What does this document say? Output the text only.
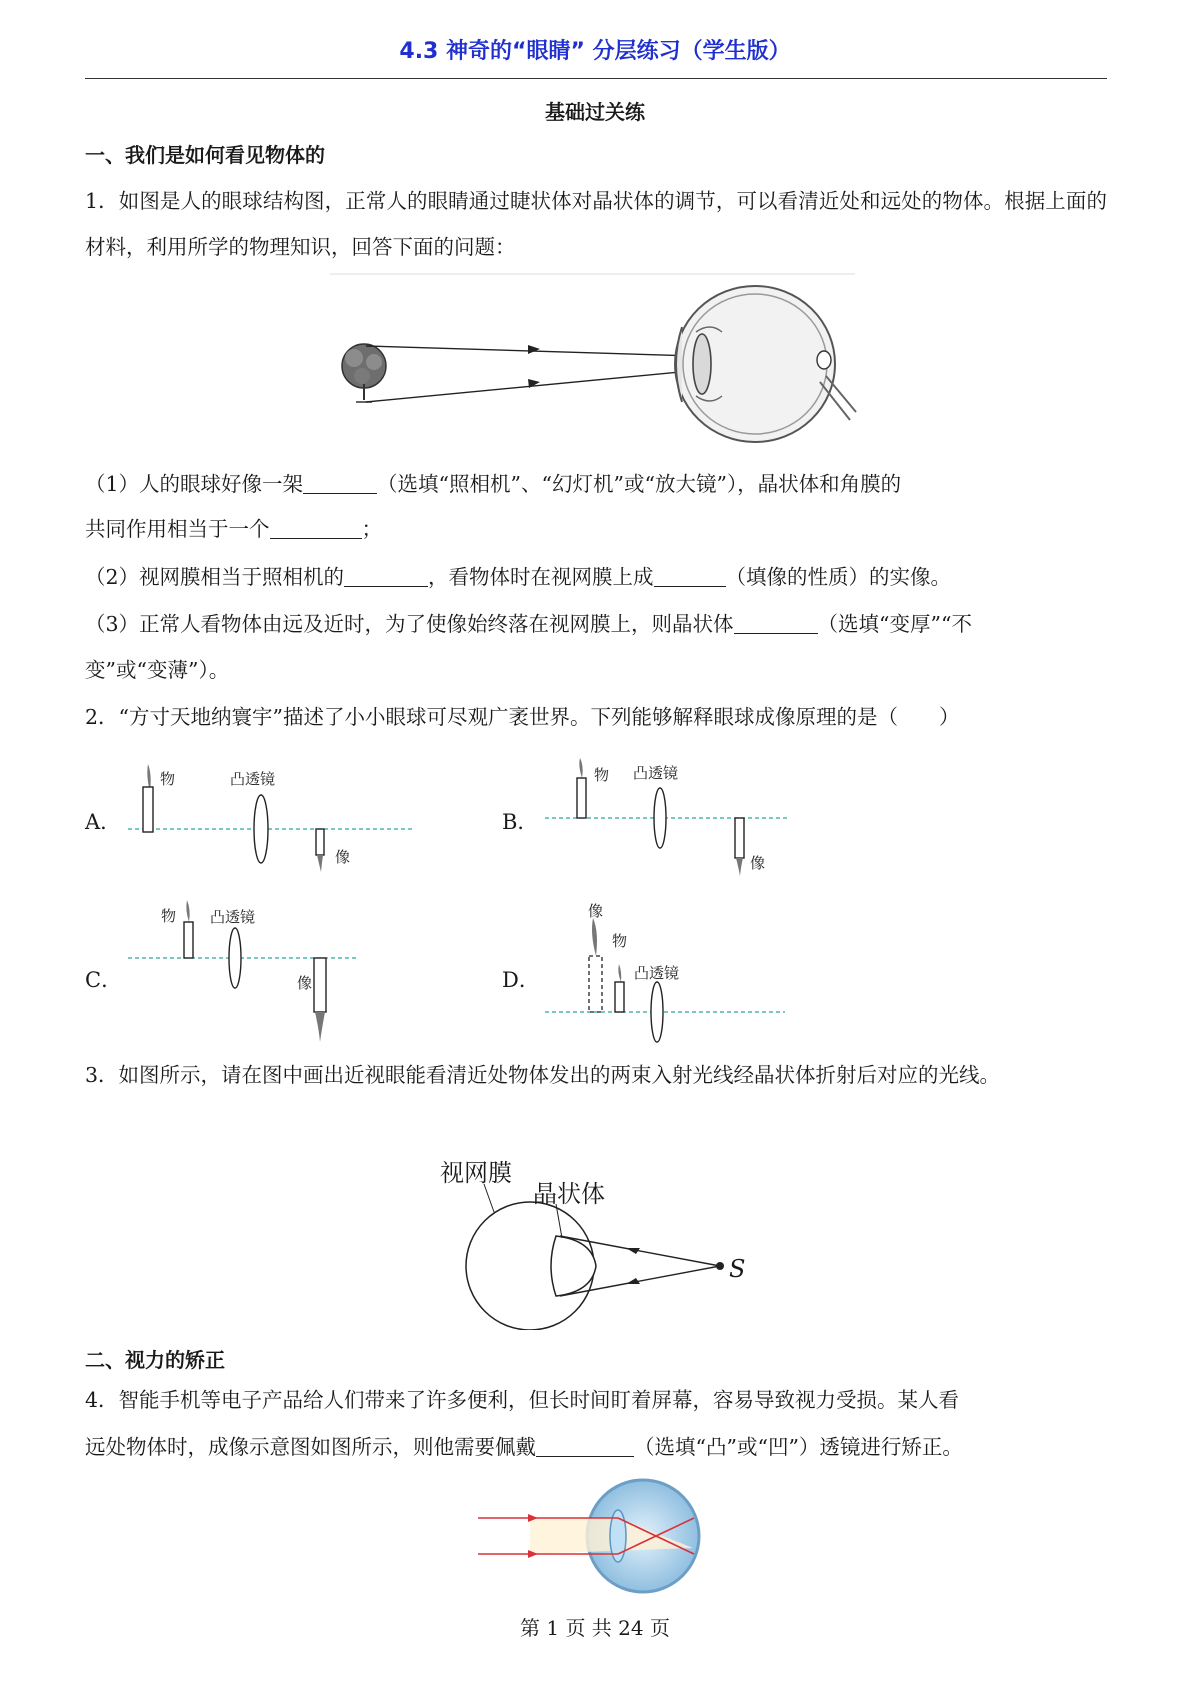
4.3 神奇的“眼睛” 分层练习（学生版）
基础过关练
一、我们是如何看见物体的
1．如图是人的眼球结构图，正常人的眼睛通过睫状体对晶状体的调节，可以看清近处和远处的物体。根据上面的材料，利用所学的物理知识，回答下面的问题：
（1）人的眼球好像一架	（选填“照相机”、“幻灯机”或“放大镜”），晶状体和角膜的
共同作用相当于一个	；
（2）视网膜相当于照相机的	，看物体时在视网膜上成	（填像的性质）的实像。
（3）正常人看物体由远及近时，为了使像始终落在视网膜上，则晶状体	（选填“变厚”“不
变”或“变薄”）。
2．“方寸天地纳寰宇”描述了小小眼球可尽观广袤世界。下列能够解释眼球成像原理的是（　　）
A．
物	凸透镜
像
B．
物 凸透镜
像
C．
物 凸透镜
像	D．
像
物
凸透镜
3．如图所示，请在图中画出近视眼能看清近处物体发出的两束入射光线经晶状体折射后对应的光线。
视网膜
晶状体
S
二、视力的矫正
4．智能手机等电子产品给人们带来了许多便利，但长时间盯着屏幕，容易导致视力受损。某人看
远处物体时，成像示意图如图所示，则他需要佩戴	（选填“凸”或“凹”）透镜进行矫正。
第 1 页 共 24 页
